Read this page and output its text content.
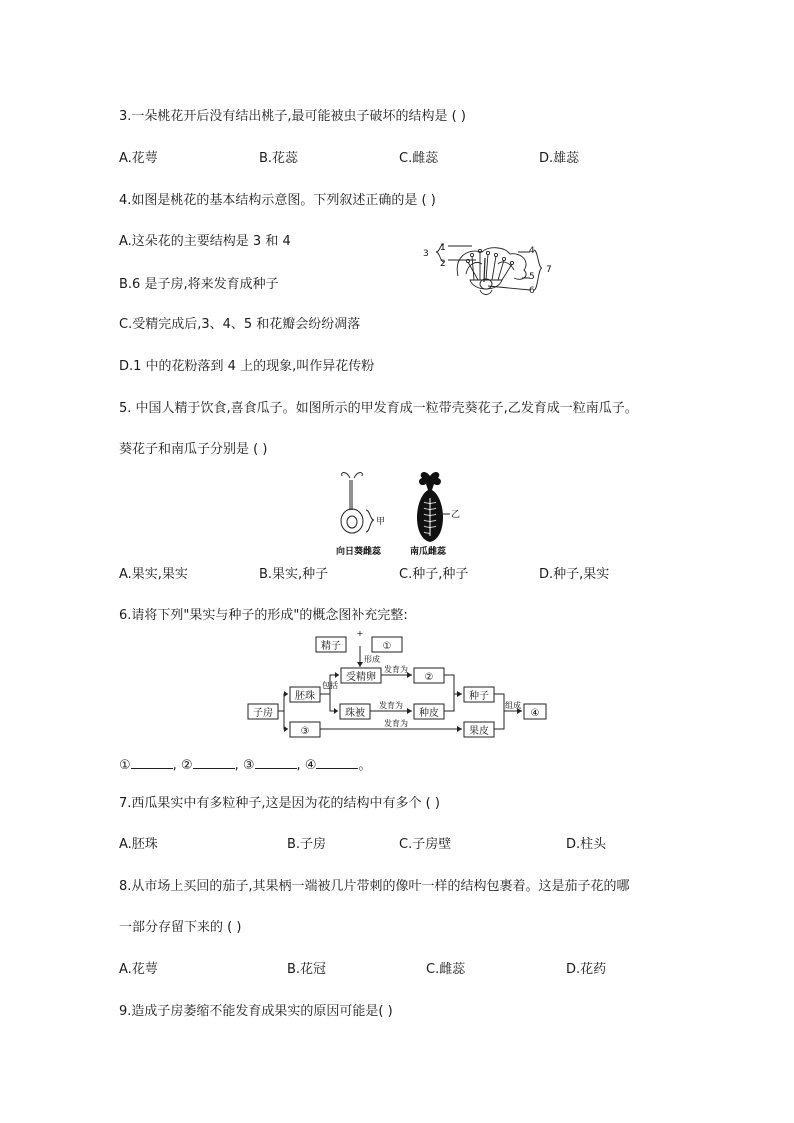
3.一朵桃花开后没有结出桃子,最可能被虫子破坏的结构是 ( )
A.花萼	B.花蕊	C.雌蕊	D.雄蕊
4.如图是桃花的基本结构示意图。下列叙述正确的是 ( )
A.这朵花的主要结构是 3 和 4
B.6 是子房,将来发育成种子
C.受精完成后,3、4、5 和花瓣会纷纷凋落
D.1 中的花粉落到 4 上的现象,叫作异花传粉
3
1
2
4
5
6
7
5. 中国人精于饮食,喜食瓜子。如图所示的甲发育成一粒带壳葵花子,乙发育成一粒南瓜子。
葵花子和南瓜子分别是 ( )
甲
乙
向日葵雌蕊	南瓜雌蕊
A.果实,果实	B.果实,种子	C.种子,种子	D.种子,果实
6.请将下列"果实与种子的形成"的概念图补充完整:
精子	①
受精卵	②
种子
子房
胚珠
珠被	种皮	④
③	果皮
+
形成
包括
发育为
发育为
发育为
组成
①	, ②	, ③	, ④	。
7.西瓜果实中有多粒种子,这是因为花的结构中有多个 ( )
A.胚珠	B.子房	C.子房壁	D.柱头
8.从市场上买回的茄子,其果柄一端被几片带刺的像叶一样的结构包裹着。这是茄子花的哪
一部分存留下来的 ( )
A.花萼	B.花冠	C.雌蕊	D.花药
9.造成子房萎缩不能发育成果实的原因可能是( )
